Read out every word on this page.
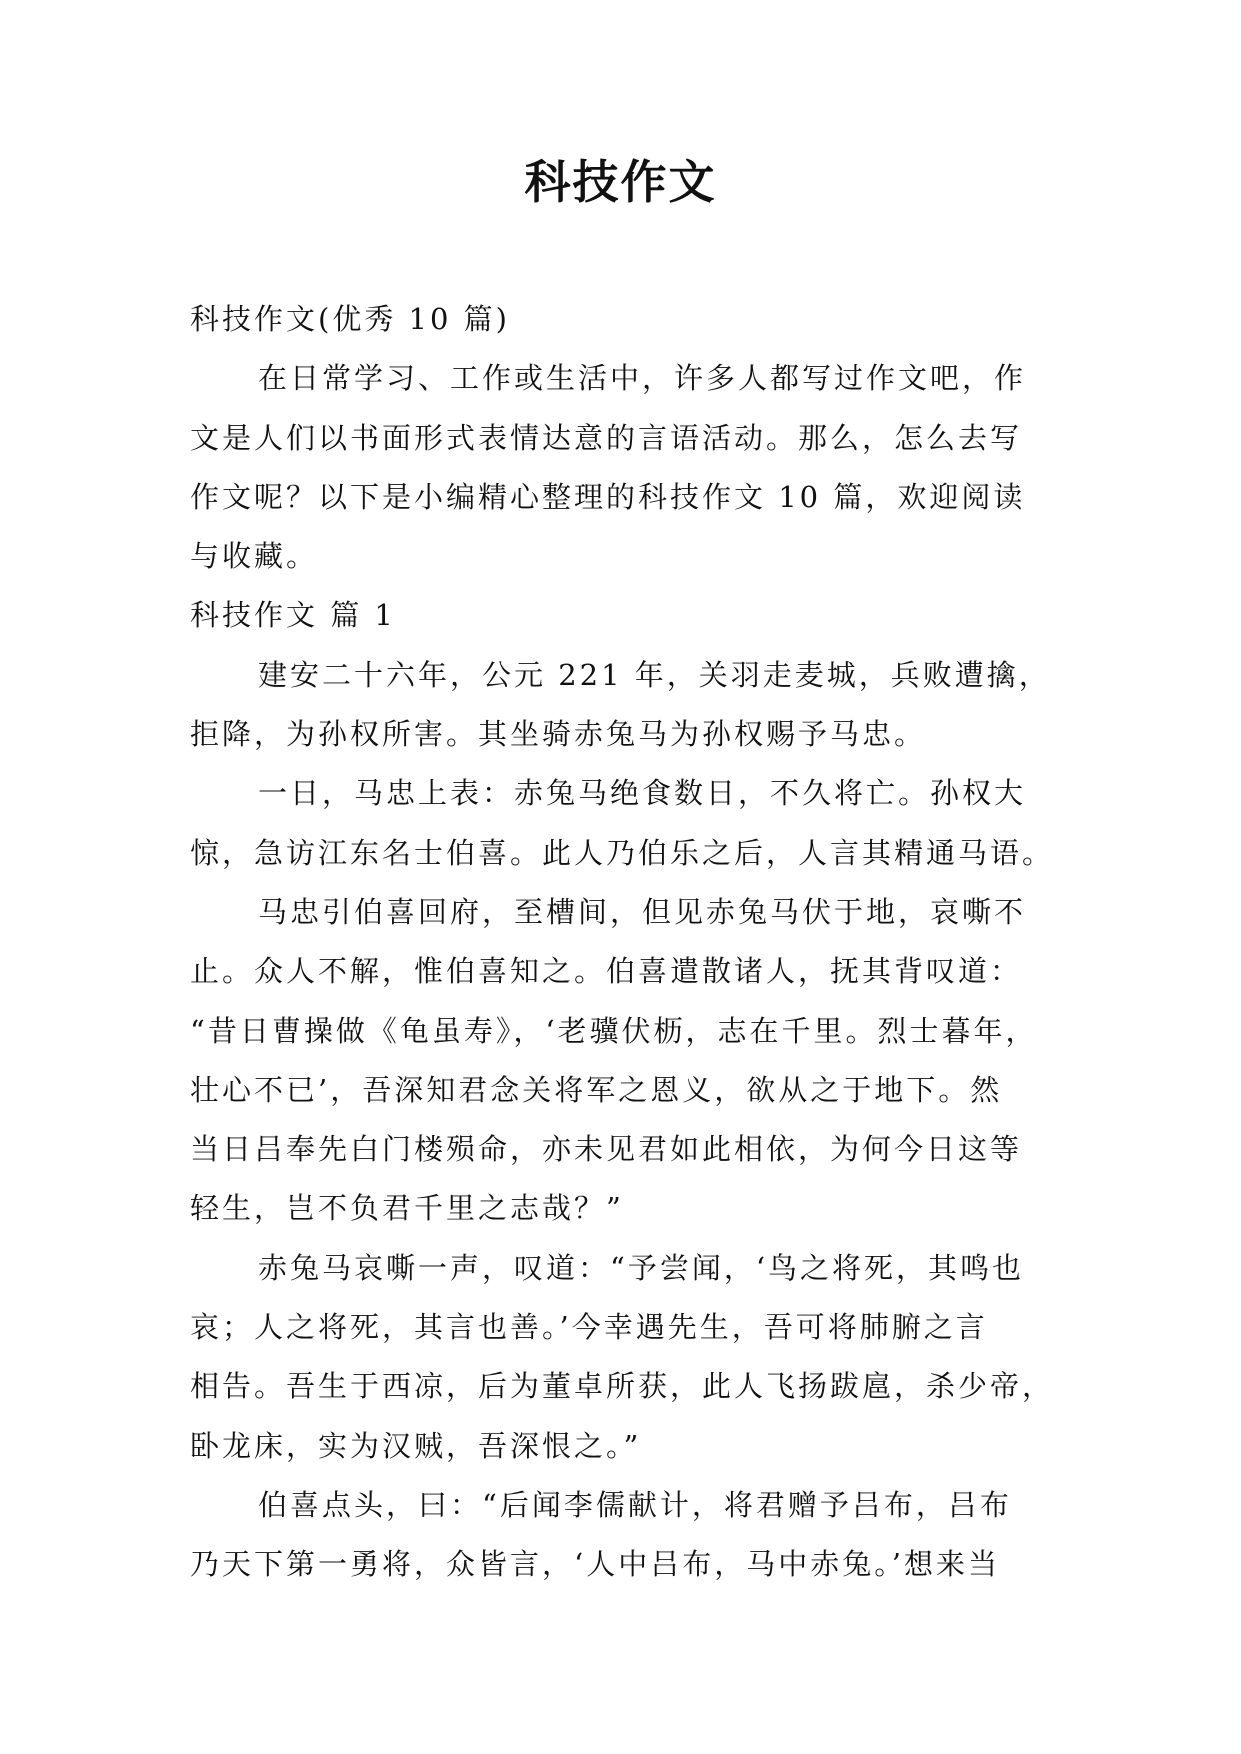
科技作文
科技作文(优秀 10 篇)
在日常学习、工作或生活中，许多人都写过作文吧，作
文是人们以书面形式表情达意的言语活动。那么，怎么去写
作文呢？以下是小编精心整理的科技作文 10 篇，欢迎阅读
与收藏。
科技作文 篇 1
建安二十六年，公元 221 年，关羽走麦城，兵败遭擒，
拒降，为孙权所害。其坐骑赤兔马为孙权赐予马忠。
一日，马忠上表：赤兔马绝食数日，不久将亡。孙权大
惊，急访江东名士伯喜。此人乃伯乐之后，人言其精通马语。
马忠引伯喜回府，至槽间，但见赤兔马伏于地，哀嘶不
止。众人不解，惟伯喜知之。伯喜遣散诸人，抚其背叹道：
“昔日曹操做《龟虽寿》，‘老骥伏枥，志在千里。烈士暮年，
壮心不已’，吾深知君念关将军之恩义，欲从之于地下。然
当日吕奉先白门楼殒命，亦未见君如此相依，为何今日这等
轻生，岂不负君千里之志哉？”
赤兔马哀嘶一声，叹道：“予尝闻，‘鸟之将死，其鸣也
哀；人之将死，其言也善。’今幸遇先生，吾可将肺腑之言
相告。吾生于西凉，后为董卓所获，此人飞扬跋扈，杀少帝，
卧龙床，实为汉贼，吾深恨之。”
伯喜点头，曰：“后闻李儒献计，将君赠予吕布，吕布
乃天下第一勇将，众皆言，‘人中吕布，马中赤兔。’想来当
